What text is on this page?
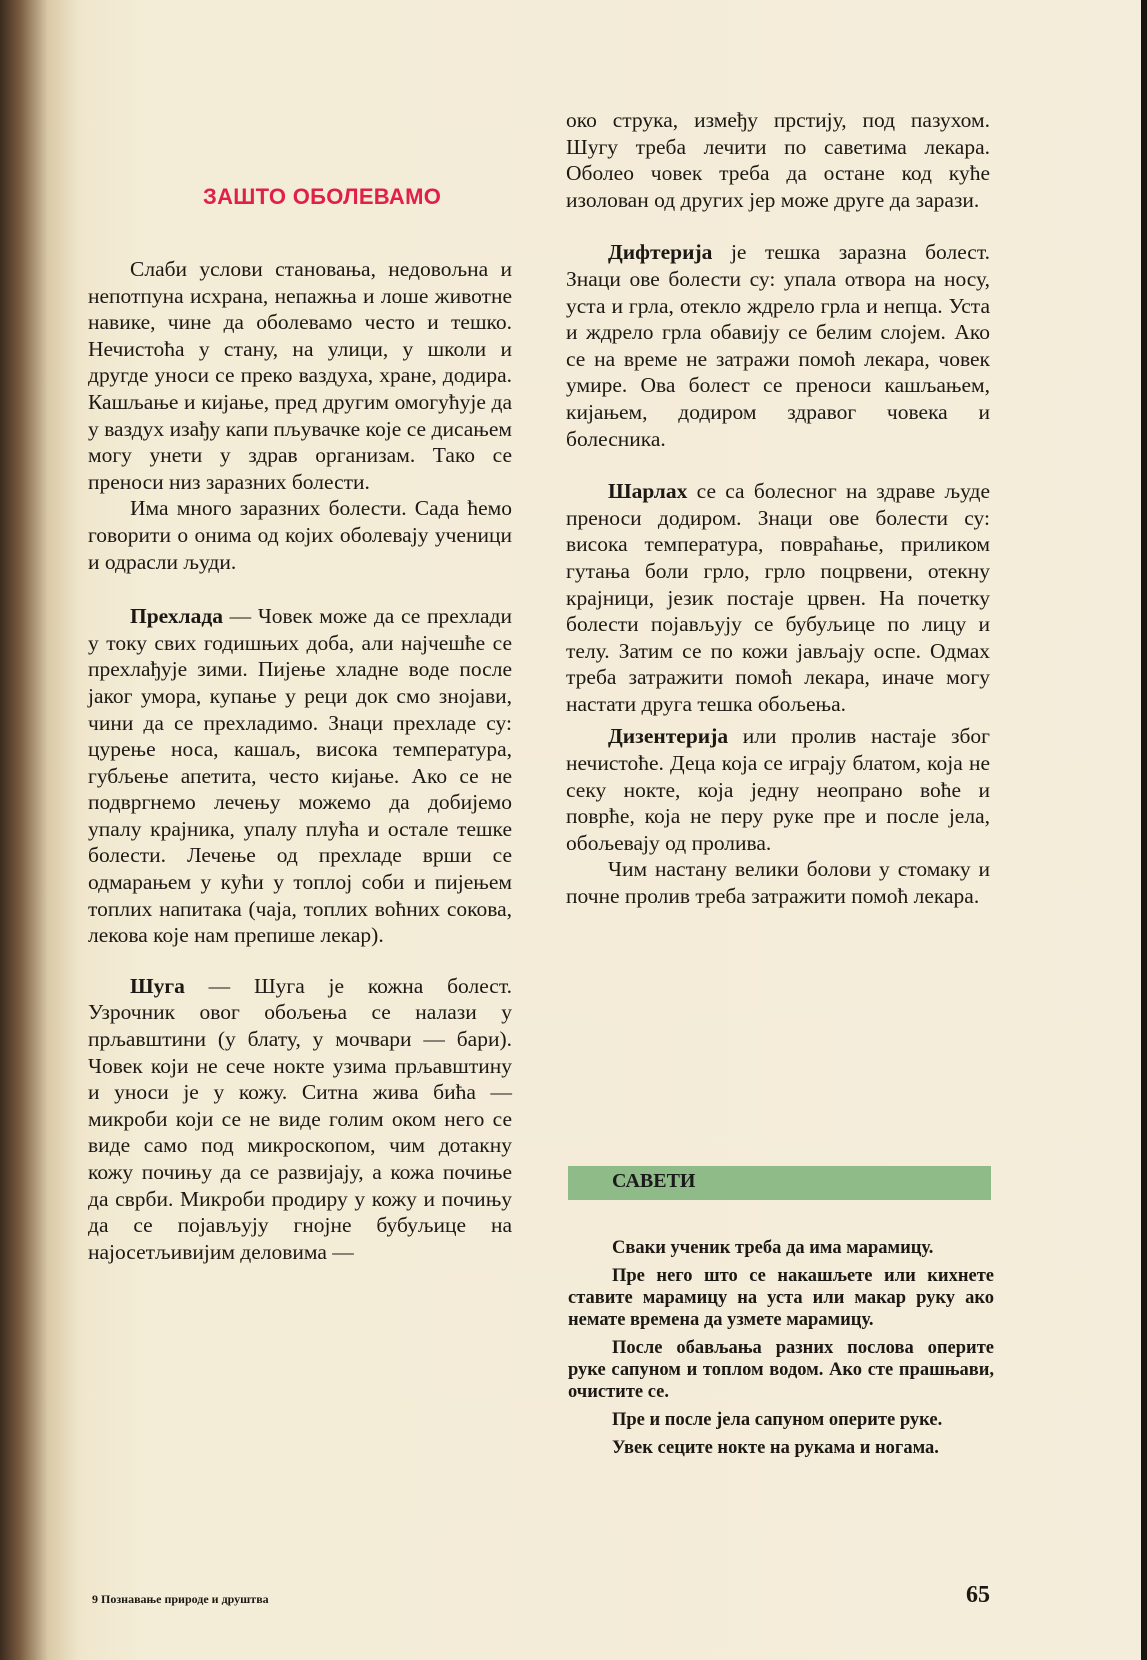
ЗАШТО ОБОЛЕВАМО

Слаби услови становања, недовољна и непотпуна исхрана, непажња и лоше животне навике, чине да оболевамо често и тешко. Нечистоћа у стану, на улици, у школи и другде уноси се преко ваздуха, хране, додира. Кашљање и кијање, пред другим омогућује да у ваздух изађу капи пљувачке које се дисањем могу унети у здрав организам. Тако се преноси низ заразних болести.

Има много заразних болести. Сада ћемо говорити о онима од којих оболевају ученици и одрасли људи.

Прехлада — Човек може да се прехлади у току свих годишњих доба, али најчешће се прехлађује зими. Пијење хладне воде после јаког умора, купање у реци док смо знојави, чини да се прехладимо. Знаци прехладе су: цурење носа, кашаљ, висока температура, губљење апетита, често кијање. Ако се не подвргнемо лечењу можемо да добијемо упалу крајника, упалу плућа и остале тешке болести. Лечење од прехладе врши се одмарањем у кући у топлој соби и пијењем топлих напитака (чаја, топлих воћних сокова, лекова које нам препише лекар).

Шуга — Шуга је кожна болест. Узрочник овог обољења се налази у прљавштини (у блату, у мочвари — бари). Човек који не сече нокте узима прљавштину и уноси је у кожу. Ситна жива бића — микроби који се не виде голим оком него се виде само под микроскопом, чим дотакну кожу почињу да се развијају, а кожа почиње да сврби. Микроби продиру у кожу и почињу да се појављују гнојне бубуљице на најосетљивијим деловима —

око струка, између прстију, под пазухом. Шугу треба лечити по саветима лекара. Оболео човек треба да остане код куће изолован од других јер може друге да зарази.

Дифтерија је тешка заразна болест. Знаци ове болести су: упала отвора на носу, уста и грла, отекло ждрело грла и непца. Уста и ждрело грла обавију се белим слојем. Ако се на време не затражи помоћ лекара, човек умире. Ова болест се преноси кашљањем, кијањем, додиром здравог човека и болесника.

Шарлах се са болесног на здраве људе преноси додиром. Знаци ове болести су: висока температура, повраћање, приликом гутања боли грло, грло поцрвени, отекну крајници, језик постаје црвен. На почетку болести појављују се бубуљице по лицу и телу. Затим се по кожи јављају оспе. Одмах треба затражити помоћ лекара, иначе могу настати друга тешка обољења.

Дизентерија или пролив настаје због нечистоће. Деца која се играју блатом, која не секу нокте, која једну неопрано воће и поврће, која не перу руке пре и после јела, обољевају од пролива.

Чим настану велики болови у стомаку и почне пролив треба затражити помоћ лекара.

САВЕТИ

Сваки ученик треба да има марамицу.

Пре него што се накашљете или кихнете ставите марамицу на уста или макар руку ако немате времена да узмете марамицу.

После обављања разних послова оперите руке сапуном и топлом водом. Ако сте прашњави, очистите се.

Пре и после јела сапуном оперите руке.

Увек сеците нокте на рукама и ногама.

9 Познавање природе и друштва	65
